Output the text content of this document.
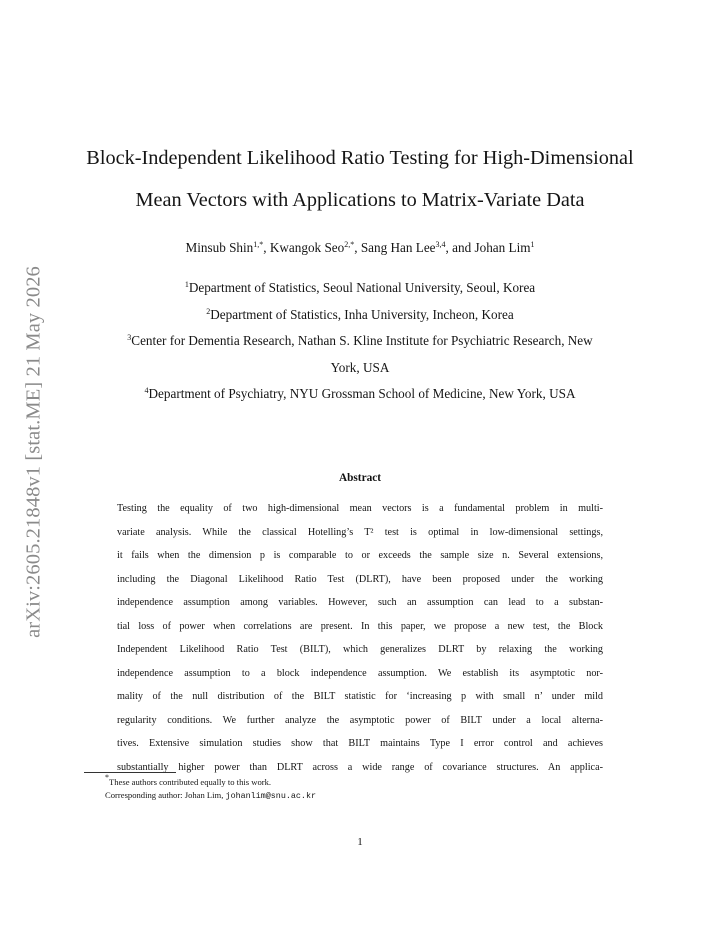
arXiv:2605.21848v1 [stat.ME] 21 May 2026
Block-Independent Likelihood Ratio Testing for High-Dimensional
Mean Vectors with Applications to Matrix-Variate Data
Minsub Shin$^{1,*}$, Kwangok Seo$^{2,*}$, Sang Han Lee$^{3,4}$, and Johan Lim$^1$
$^1$Department of Statistics, Seoul National University, Seoul, Korea
$^2$Department of Statistics, Inha University, Incheon, Korea
$^3$Center for Dementia Research, Nathan S. Kline Institute for Psychiatric Research, New
York, USA
$^4$Department of Psychiatry, NYU Grossman School of Medicine, New York, USA
Abstract
Testing the equality of two high-dimensional mean vectors is a fundamental problem in multi-
variate analysis. While the classical Hotelling’s T² test is optimal in low-dimensional settings,
it fails when the dimension p is comparable to or exceeds the sample size n. Several extensions,
including the Diagonal Likelihood Ratio Test (DLRT), have been proposed under the working
independence assumption among variables. However, such an assumption can lead to a substan-
tial loss of power when correlations are present. In this paper, we propose a new test, the Block
Independent Likelihood Ratio Test (BILT), which generalizes DLRT by relaxing the working
independence assumption to a block independence assumption. We establish its asymptotic nor-
mality of the null distribution of the BILT statistic for ‘increasing p with small n’ under mild
regularity conditions. We further analyze the asymptotic power of BILT under a local alterna-
tives. Extensive simulation studies show that BILT maintains Type I error control and achieves
substantially higher power than DLRT across a wide range of covariance structures. An applica-
*These authors contributed equally to this work.
Corresponding author: Johan Lim, johanlim@snu.ac.kr
1
